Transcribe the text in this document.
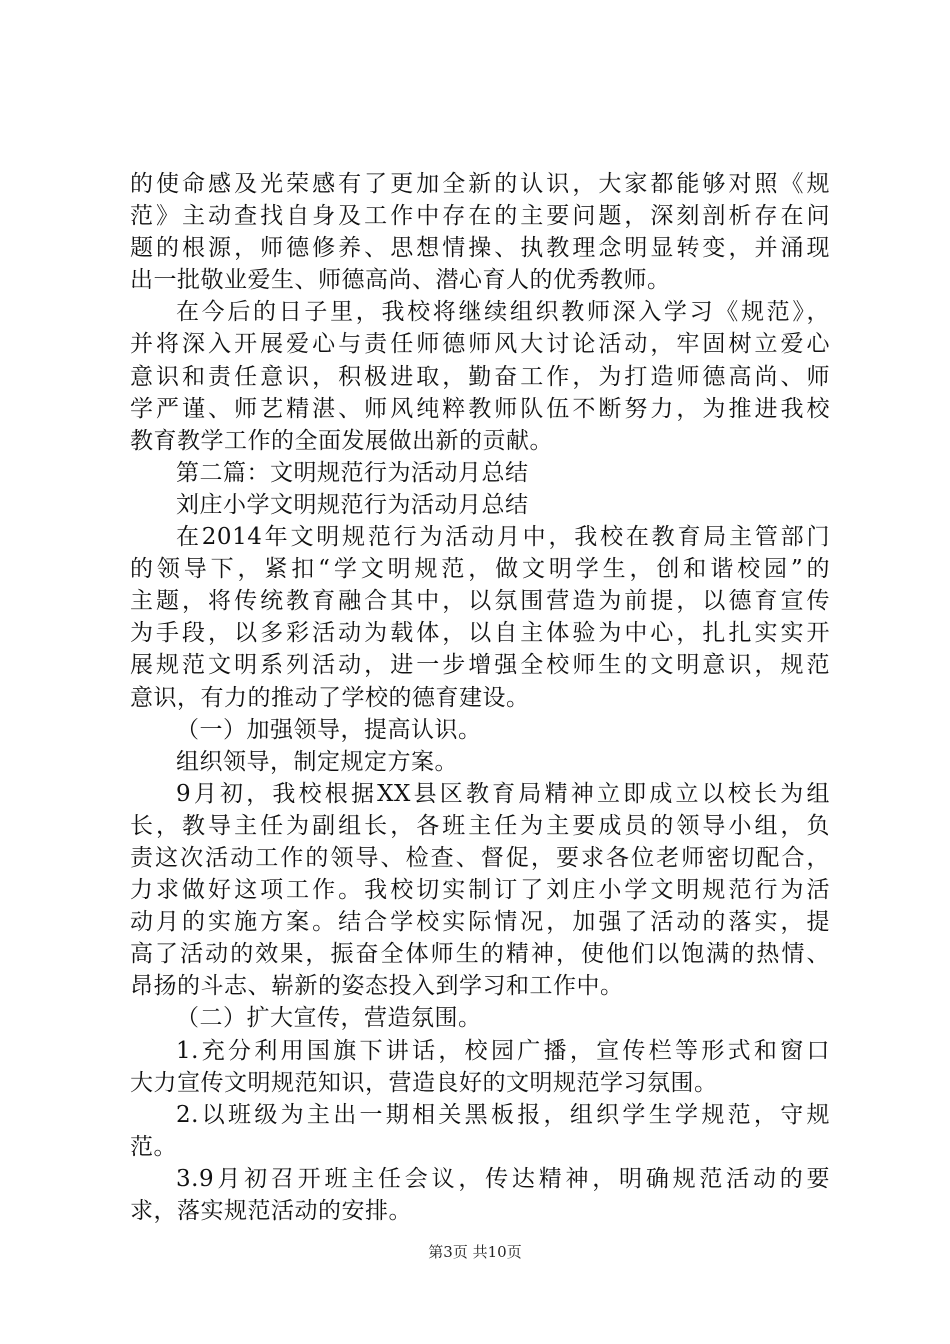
的使命感及光荣感有了更加全新的认识，大家都能够对照《规
范》主动查找自身及工作中存在的主要问题，深刻剖析存在问
题的根源，师德修养、思想情操、执教理念明显转变，并涌现
出一批敬业爱生、师德高尚、潜心育人的优秀教师。
在今后的日子里，我校将继续组织教师深入学习《规范》，
并将深入开展爱心与责任师德师风大讨论活动，牢固树立爱心
意识和责任意识，积极进取，勤奋工作，为打造师德高尚、师
学严谨、师艺精湛、师风纯粹教师队伍不断努力，为推进我校
教育教学工作的全面发展做出新的贡献。
第二篇：文明规范行为活动月总结
刘庄小学文明规范行为活动月总结
在2014年文明规范行为活动月中，我校在教育局主管部门
的领导下，紧扣“学文明规范，做文明学生，创和谐校园”的
主题，将传统教育融合其中，以氛围营造为前提，以德育宣传
为手段，以多彩活动为载体，以自主体验为中心，扎扎实实开
展规范文明系列活动，进一步增强全校师生的文明意识，规范
意识，有力的推动了学校的德育建设。
（一）加强领导，提高认识。
组织领导，制定规定方案。
9月初，我校根据XX县区教育局精神立即成立以校长为组
长，教导主任为副组长，各班主任为主要成员的领导小组，负
责这次活动工作的领导、检查、督促，要求各位老师密切配合，
力求做好这项工作。我校切实制订了刘庄小学文明规范行为活
动月的实施方案。结合学校实际情况，加强了活动的落实，提
高了活动的效果，振奋全体师生的精神，使他们以饱满的热情、
昂扬的斗志、崭新的姿态投入到学习和工作中。
（二）扩大宣传，营造氛围。
1.充分利用国旗下讲话，校园广播，宣传栏等形式和窗口
大力宣传文明规范知识，营造良好的文明规范学习氛围。
2.以班级为主出一期相关黑板报，组织学生学规范，守规
范。
3.9月初召开班主任会议，传达精神，明确规范活动的要
求，落实规范活动的安排。
第3页 共10页
